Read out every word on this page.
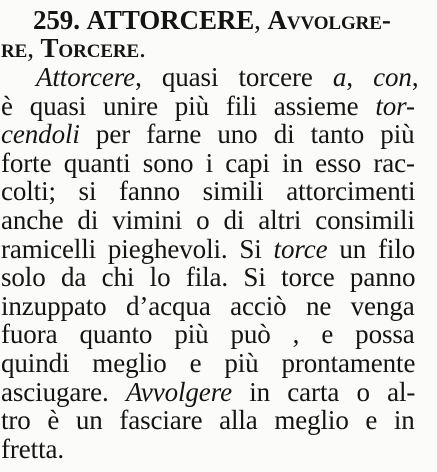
259. ATTORCERE, Avvolgre-
re, Torcere.
Attorcere, quasi torcere a, con,
è quasi unire più fili assieme tor-
cendoli per farne uno di tanto più
forte quanti sono i capi in esso rac-
colti; si fanno simili attorcimenti
anche di vimini o di altri consimili
ramicelli pieghevoli. Si torce un filo
solo da chi lo fila. Si torce panno
inzuppato d’acqua acciò ne venga
fuora quanto più può , e possa
quindi meglio e più prontamente
asciugare. Avvolgere in carta o al-
tro è un fasciare alla meglio e in
fretta.
